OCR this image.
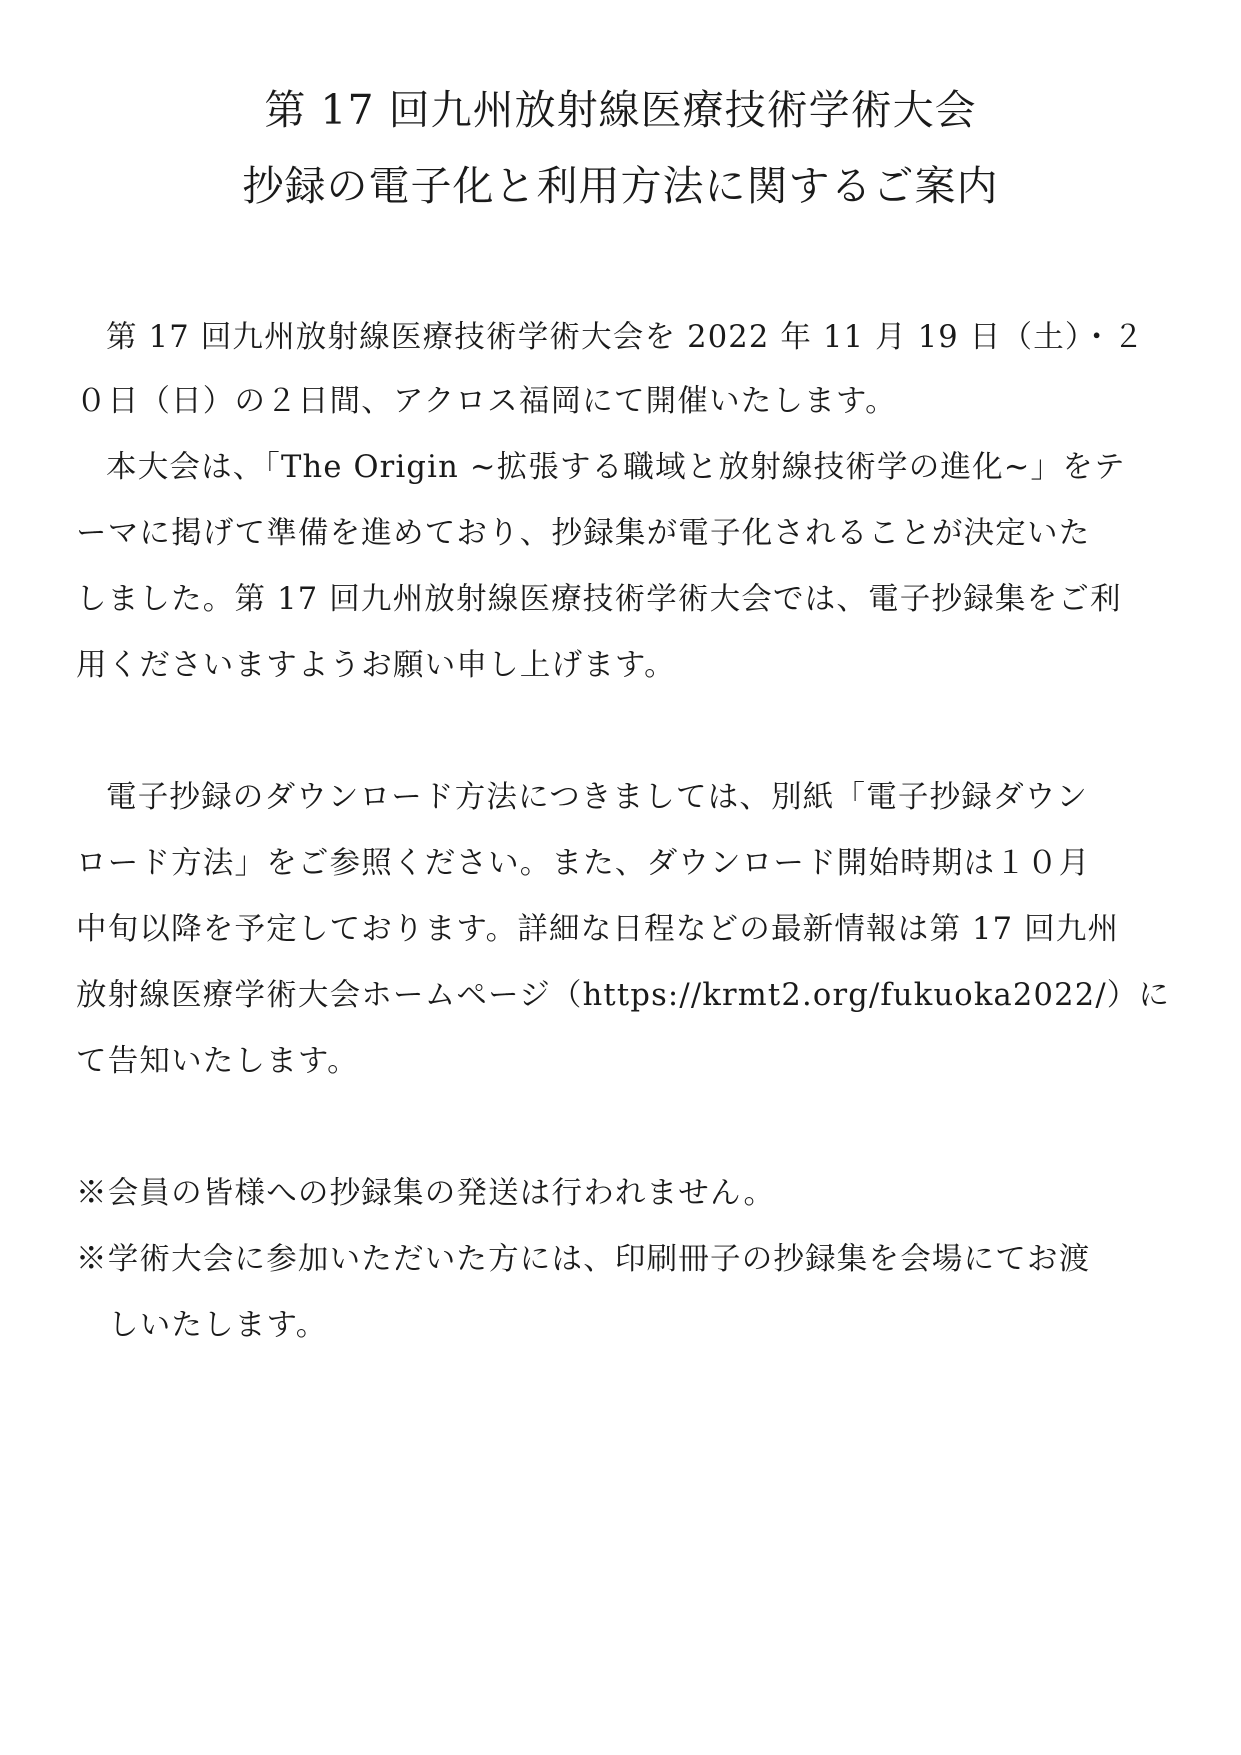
第 17 回九州放射線医療技術学術大会
抄録の電子化と利用方法に関するご案内
第 17 回九州放射線医療技術学術大会を 2022 年 11 月 19 日（土）・２
０日（日）の２日間、アクロス福岡にて開催いたします。
本大会は、「The Origin ~拡張する職域と放射線技術学の進化~」をテ
ーマに掲げて準備を進めており、抄録集が電子化されることが決定いた
しました。第 17 回九州放射線医療技術学術大会では、電子抄録集をご利
用くださいますようお願い申し上げます。
電子抄録のダウンロード方法につきましては、別紙「電子抄録ダウン
ロード方法」をご参照ください。また、ダウンロード開始時期は１０月
中旬以降を予定しております。詳細な日程などの最新情報は第 17 回九州
放射線医療学術大会ホームページ（https://krmt2.org/fukuoka2022/）に
て告知いたします。
※会員の皆様への抄録集の発送は行われません。
※学術大会に参加いただいた方には、印刷冊子の抄録集を会場にてお渡
しいたします。
